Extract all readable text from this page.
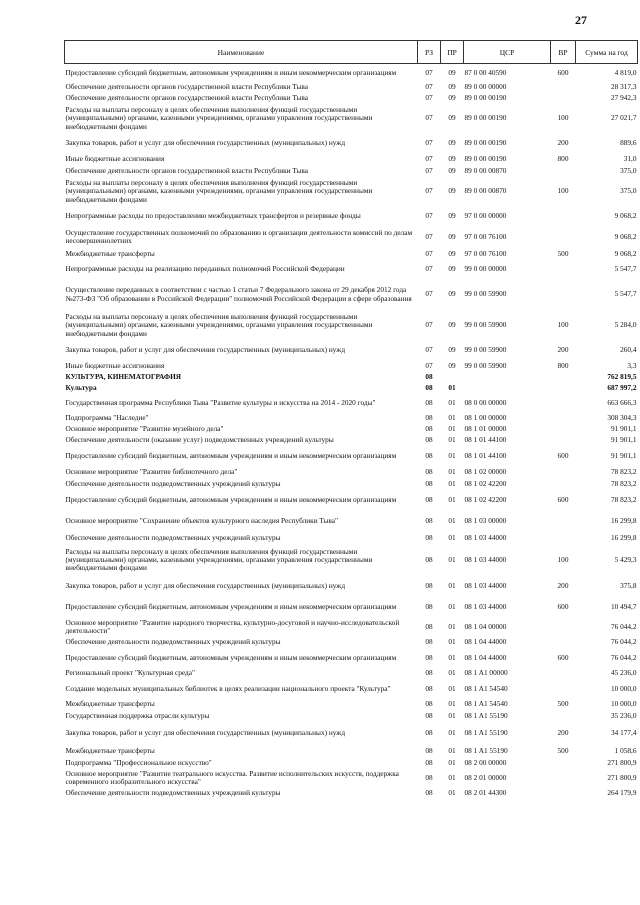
27
Наименование	РЗ	ПР	ЦСР	ВР	Сумма на год
Предоставление субсидий бюджетным, автономным учреждениям и иным некоммерческим организациям	07	09	87 0 00 40590	600	4 819,0
Обеспечение деятельности органов государственной власти Республики Тыва	07	09	89 0 00 00000		28 317,3
Обеспечение деятельности органов государственной власти Республики Тыва	07	09	89 0 00 00190		27 942,3
Расходы на выплаты персоналу в целях обеспечения выполнения функций государственными (муниципальными) органами, казенными учреждениями, органами управления государственными внебюджетными фондами	07	09	89 0 00 00190	100	27 021,7
Закупка товаров, работ и услуг для обеспечения государственных (муниципальных) нужд	07	09	89 0 00 00190	200	889,6
Иные бюджетные ассигнования	07	09	89 0 00 00190	800	31,0
Обеспечение деятельности органов государственной власти Республики Тыва	07	09	89 0 00 00870		375,0
Расходы на выплаты персоналу в целях обеспечения выполнения функций государственными (муниципальными) органами, казенными учреждениями, органами управления государственными внебюджетными фондами	07	09	89 0 00 00870	100	375,0
Непрограммные расходы по предоставлению межбюджетных трансфертов и резервные фонды	07	09	97 0 00 00000		9 068,2
Осуществление государственных полномочий по образованию и организации деятельности комиссий по делам несовершеннолетних	07	09	97 0 00 76100		9 068,2
Межбюджетные трансферты	07	09	97 0 00 76100	500	9 068,2
Непрограммные расходы на реализацию переданных полномочий Российской Федерации	07	09	99 0 00 00000		5 547,7
Осуществление переданных в соответствии с частью 1 статьи 7 Федерального закона от 29 декабря 2012 года №273-ФЗ "Об образовании в Российской Федерации" полномочий Российской Федерации в сфере образования	07	09	99 0 00 59900		5 547,7
Расходы на выплаты персоналу в целях обеспечения выполнения функций государственными (муниципальными) органами, казенными учреждениями, органами управления государственными внебюджетными фондами	07	09	99 0 00 59900	100	5 284,0
Закупка товаров, работ и услуг для обеспечения государственных (муниципальных) нужд	07	09	99 0 00 59900	200	260,4
Иные бюджетные ассигнования	07	09	99 0 00 59900	800	3,3
КУЛЬТУРА, КИНЕМАТОГРАФИЯ	08				762 819,5
Культура	08	01			687 997,2
Государственная программа Республики Тыва "Развитие культуры и искусства на 2014 - 2020 годы"	08	01	08 0 00 00000		663 666,3
Подпрограмма "Наследие"	08	01	08 1 00 00000		308 304,3
Основное мероприятие "Развитие музейного дела"	08	01	08 1 01 00000		91 901,1
Обеспечение деятельности (оказание услуг) подведомственных учреждений культуры	08	01	08 1 01 44100		91 901,1
Предоставление субсидий бюджетным, автономным учреждениям и иным некоммерческим организациям	08	01	08 1 01 44100	600	91 901,1
Основное мероприятие "Развитие библиотечного дела"	08	01	08 1 02 00000		78 823,2
Обеспечение деятельности подведомственных учреждений культуры	08	01	08 1 02 42200		78 823,2
Предоставление субсидий бюджетным, автономным учреждениям и иным некоммерческим организациям	08	01	08 1 02 42200	600	78 823,2
Основное мероприятие "Сохранение объектов культурного наследия Республики Тыва"	08	01	08 1 03 00000		16 299,8
Обеспечение деятельности подведомственных учреждений культуры	08	01	08 1 03 44000		16 299,8
Расходы на выплаты персоналу в целях обеспечения выполнения функций государственными (муниципальными) органами, казенными учреждениями, органами управления государственными внебюджетными фондами	08	01	08 1 03 44000	100	5 429,3
Закупка товаров, работ и услуг для обеспечения государственных (муниципальных) нужд	08	01	08 1 03 44000	200	375,8
Предоставление субсидий бюджетным, автономным учреждениям и иным некоммерческим организациям	08	01	08 1 03 44000	600	10 494,7
Основное мероприятие "Развитие народного творчества, культурно-досуговой и научно-исследовательской деятельности"	08	01	08 1 04 00000		76 044,2
Обеспечение деятельности подведомственных учреждений культуры	08	01	08 1 04 44000		76 044,2
Предоставление субсидий бюджетным, автономным учреждениям и иным некоммерческим организациям	08	01	08 1 04 44000	600	76 044,2
Региональный проект "Культурная среда"	08	01	08 1 A1 00000		45 236,0
Создание модельных муниципальных библиотек в целях реализации национального проекта "Культура"	08	01	08 1 A1 54540		10 000,0
Межбюджетные трансферты	08	01	08 1 A1 54540	500	10 000,0
Государственная поддержка отрасли культуры	08	01	08 1 A1 55190		35 236,0
Закупка товаров, работ и услуг для обеспечения государственных (муниципальных) нужд	08	01	08 1 A1 55190	200	34 177,4
Межбюджетные трансферты	08	01	08 1 A1 55190	500	1 058,6
Подпрограмма "Профессиональное искусство"	08	01	08 2 00 00000		271 800,9
Основное мероприятие "Развитие театрального искусства. Развитие исполнительских искусств, поддержка современного изобразительного искусства"	08	01	08 2 01 00000		271 800,9
Обеспечение деятельности подведомственных учреждений культуры	08	01	08 2 01 44300		264 179,9
